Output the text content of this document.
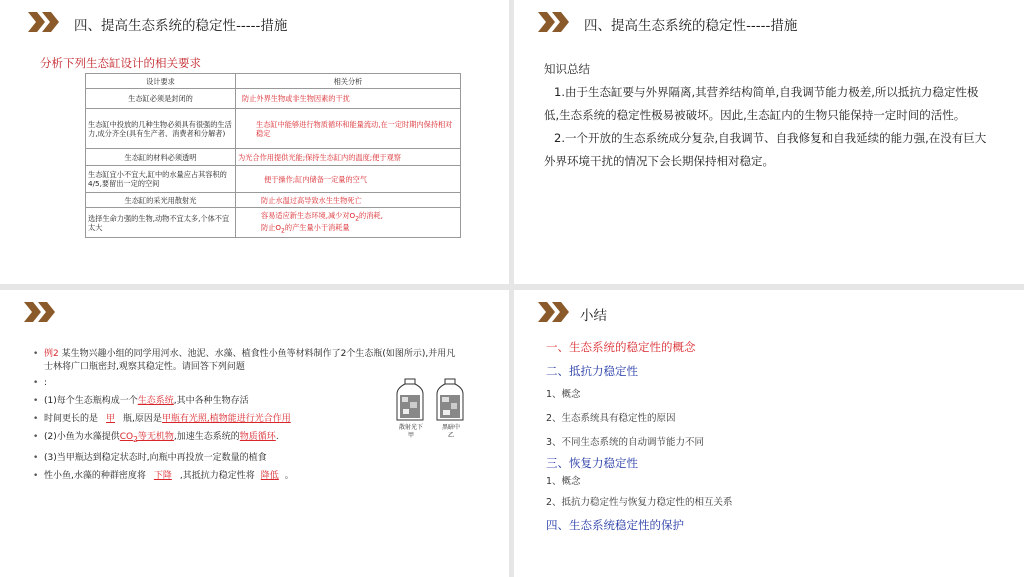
四、提高生态系统的稳定性-----措施
分析下列生态缸设计的相关要求
设计要求	相关分析
生态缸必须是封闭的	防止外界生物或非生物因素的干扰
生态缸中投放的几种生物必须具有很强的生活力,成分齐全(具有生产者、消费者和分解者)	生态缸中能够进行物质循环和能量流动,在一定时期内保持相对稳定
生态缸的材料必须透明	为光合作用提供光能;保持生态缸内的温度;便于观察
生态缸宜小不宜大,缸中的水量应占其容积的4/5,要留出一定的空间	便于操作;缸内储备一定量的空气
生态缸的采光用散射光	防止水温过高导致水生生物死亡
选择生命力强的生物,动物不宜太多,个体不宜太大	容易适应新生态环境,减少对$O_2$的消耗,
防止$O_2$的产生量小于消耗量
四、提高生态系统的稳定性-----措施

知识总结

1.由于生态缸要与外界隔离,其营养结构简单,自我调节能力极差,所以抵抗力稳定性极低,生态系统的稳定性极易被破坏。因此,生态缸内的生物只能保持一定时间的活性。

2.一个开放的生态系统成分复杂,自我调节、自我修复和自我延续的能力强,在没有巨大外界环境干扰的情况下会长期保持相对稳定。

• 例2 某生物兴趣小组的同学用河水、池泥、水藻、植食性小鱼等材料制作了2个生态瓶(如图所示),并用凡士林将广口瓶密封,观察其稳定性。请回答下列问题
• :
• (1)每个生态瓶构成一个生态系统,其中各种生物存活
• 时间更长的是 甲 瓶,原因是甲瓶有光照,植物能进行光合作用
• (2)小鱼为水藻提供$CO_2$等无机物,加速生态系统的物质循环.
• (3)当甲瓶达到稳定状态时,向瓶中再投放一定数量的植食
• 性小鱼,水藻的种群密度将 下降 ,其抵抗力稳定性将 降低 。
散射光下
甲
黑暗中
乙
小结
一、生态系统的稳定性的概念
二、抵抗力稳定性
1、概念
2、生态系统具有稳定性的原因
3、不同生态系统的自动调节能力不同
三、恢复力稳定性
1、概念
2、抵抗力稳定性与恢复力稳定性的相互关系
四、生态系统稳定性的保护
